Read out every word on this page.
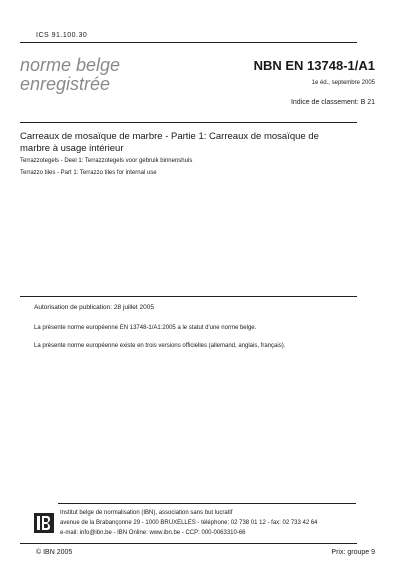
ICS 91.100.30
norme belge
enregistrée
NBN EN 13748-1/A1
1e éd., septembre 2005
Indice de classement: B 21
Carreaux de mosaïque de marbre - Partie 1: Carreaux de mosaïque de marbre à usage intérieur
Terrazzotegels - Deel 1: Terrazzotegels voor gebruik binnenshuis
Terrazzo tiles - Part 1: Terrazzo tiles for internal use
Autorisation de publication: 28 juillet 2005
La présente norme européenne EN 13748-1/A1:2005 a le statut d'une norme belge.
La présente norme européenne existe en trois versions officielles (allemand, anglais, français).
Institut belge de normalisation (IBN), association sans but lucratif
avenue de la Brabançonne 29 - 1000 BRUXELLES - téléphone: 02 738 01 12 - fax: 02 733 42 64
e-mail: info@ibn.be - IBN Online: www.ibn.be - CCP: 000-0063310-66
© IBN 2005	Prix: groupe 9
